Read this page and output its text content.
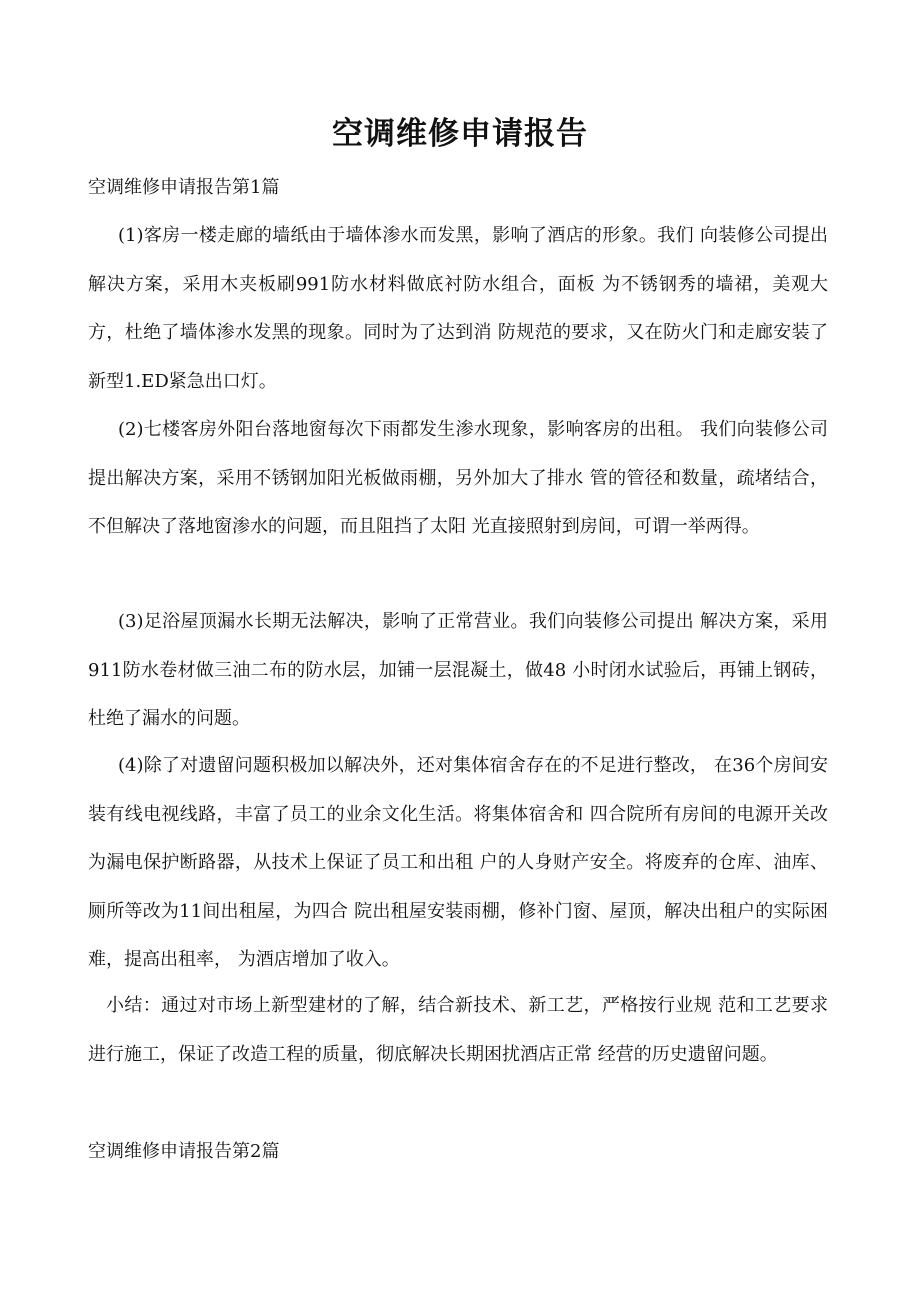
空调维修申请报告
空调维修申请报告第1篇

(1)客房一楼走廊的墙纸由于墙体渗水而发黑，影响了酒店的形象。我们 向装修公司提出解决方案，采用木夹板刷991防水材料做底衬防水组合，面板 为不锈钢秀的墙裙，美观大方，杜绝了墙体渗水发黑的现象。同时为了达到消 防规范的要求，又在防火门和走廊安装了新型1.ED紧急出口灯。

(2)七楼客房外阳台落地窗每次下雨都发生渗水现象，影响客房的出租。 我们向装修公司提出解决方案，采用不锈钢加阳光板做雨棚，另外加大了排水 管的管径和数量，疏堵结合，不但解决了落地窗渗水的问题，而且阻挡了太阳 光直接照射到房间，可谓一举两得。

(3)足浴屋顶漏水长期无法解决，影响了正常营业。我们向装修公司提出 解决方案，采用911防水卷材做三油二布的防水层，加铺一层混凝土，做48 小时闭水试验后，再铺上钢砖，杜绝了漏水的问题。

(4)除了对遗留问题积极加以解决外，还对集体宿舍存在的不足进行整改， 在36个房间安装有线电视线路，丰富了员工的业余文化生活。将集体宿舍和 四合院所有房间的电源开关改为漏电保护断路器，从技术上保证了员工和出租 户的人身财产安全。将废弃的仓库、油库、厕所等改为11间出租屋，为四合 院出租屋安装雨棚，修补门窗、屋顶，解决出租户的实际困难，提高出租率， 为酒店增加了收入。

小结：通过对市场上新型建材的了解，结合新技术、新工艺，严格按行业规 范和工艺要求进行施工，保证了改造工程的质量，彻底解决长期困扰酒店正常 经营的历史遗留问题。

空调维修申请报告第2篇
